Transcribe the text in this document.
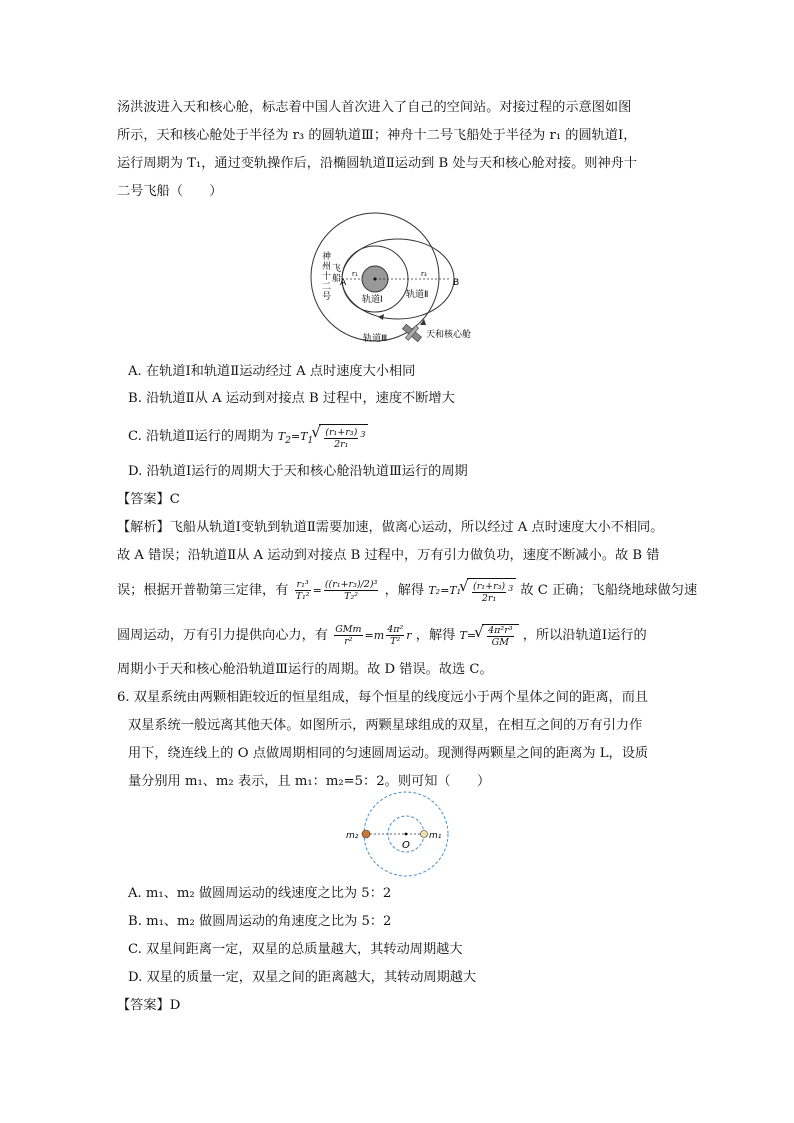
汤洪波进入天和核心舱，标志着中国人首次进入了自己的空间站。对接过程的示意图如图
所示，天和核心舱处于半径为 r₃ 的圆轨道Ⅲ；神舟十二号飞船处于半径为 r₁ 的圆轨道Ⅰ，
运行周期为 T₁，通过变轨操作后，沿椭圆轨道Ⅱ运动到 B 处与天和核心舱对接。则神舟十
二号飞船（　　）
神州十二号
飞船
A	B
r₁	r₃
轨道Ⅰ	轨道Ⅱ
轨道Ⅲ	天和核心舱
A. 在轨道Ⅰ和轨道Ⅱ运动经过 A 点时速度大小相同
B. 沿轨道Ⅱ从 A 运动到对接点 B 过程中，速度不断增大
C. 沿轨道Ⅱ运行的周期为 $T_2=T_1$ √ $\frac{\text{(r₁+r₃)}}{\text{2r₁}} ^3$
D. 沿轨道Ⅰ运行的周期大于天和核心舱沿轨道Ⅲ运行的周期
【答案】C
【解析】飞船从轨道Ⅰ变轨到轨道Ⅱ需要加速，做离心运动，所以经过 A 点时速度大小不相同。
故 A 错误；沿轨道Ⅱ从 A 运动到对接点 B 过程中，万有引力做负功，速度不断减小。故 B 错
误；根据开普勒第三定律，有 $\frac{\text{r₁³}}{\text{T₁²}} = \frac{\text{((r₁+r₃)/2)³}}{\text{T₂²}}$ ，解得 T₂=T₁ √ $\frac{\text{(r₁+r₃)}}{\text{2r₁}} ^3$ 故 C 正确；飞船绕地球做匀速
圆周运动，万有引力提供向心力，有 $\frac{\text{GMm}}{\text{r²}} =m \frac{\text{4π²}}{\text{T²}}$ r ，解得 T= √ $\frac{\text{4π²r³}}{GM}$ ，所以沿轨道Ⅰ运行的
周期小于天和核心舱沿轨道Ⅲ运行的周期。故 D 错误。故选 C。
6. 双星系统由两颗相距较近的恒星组成，每个恒星的线度远小于两个星体之间的距离，而且
双星系统一般远离其他天体。如图所示，两颗星球组成的双星，在相互之间的万有引力作
用下，绕连线上的 O 点做周期相同的匀速圆周运动。现测得两颗星之间的距离为 L，设质
量分别用 m₁、m₂ 表示，且 m₁：m₂=5：2。则可知（　　）
m₂	m₁
O
A. m₁、m₂ 做圆周运动的线速度之比为 5：2
B. m₁、m₂ 做圆周运动的角速度之比为 5：2
C. 双星间距离一定，双星的总质量越大，其转动周期越大
D. 双星的质量一定，双星之间的距离越大，其转动周期越大
【答案】D
